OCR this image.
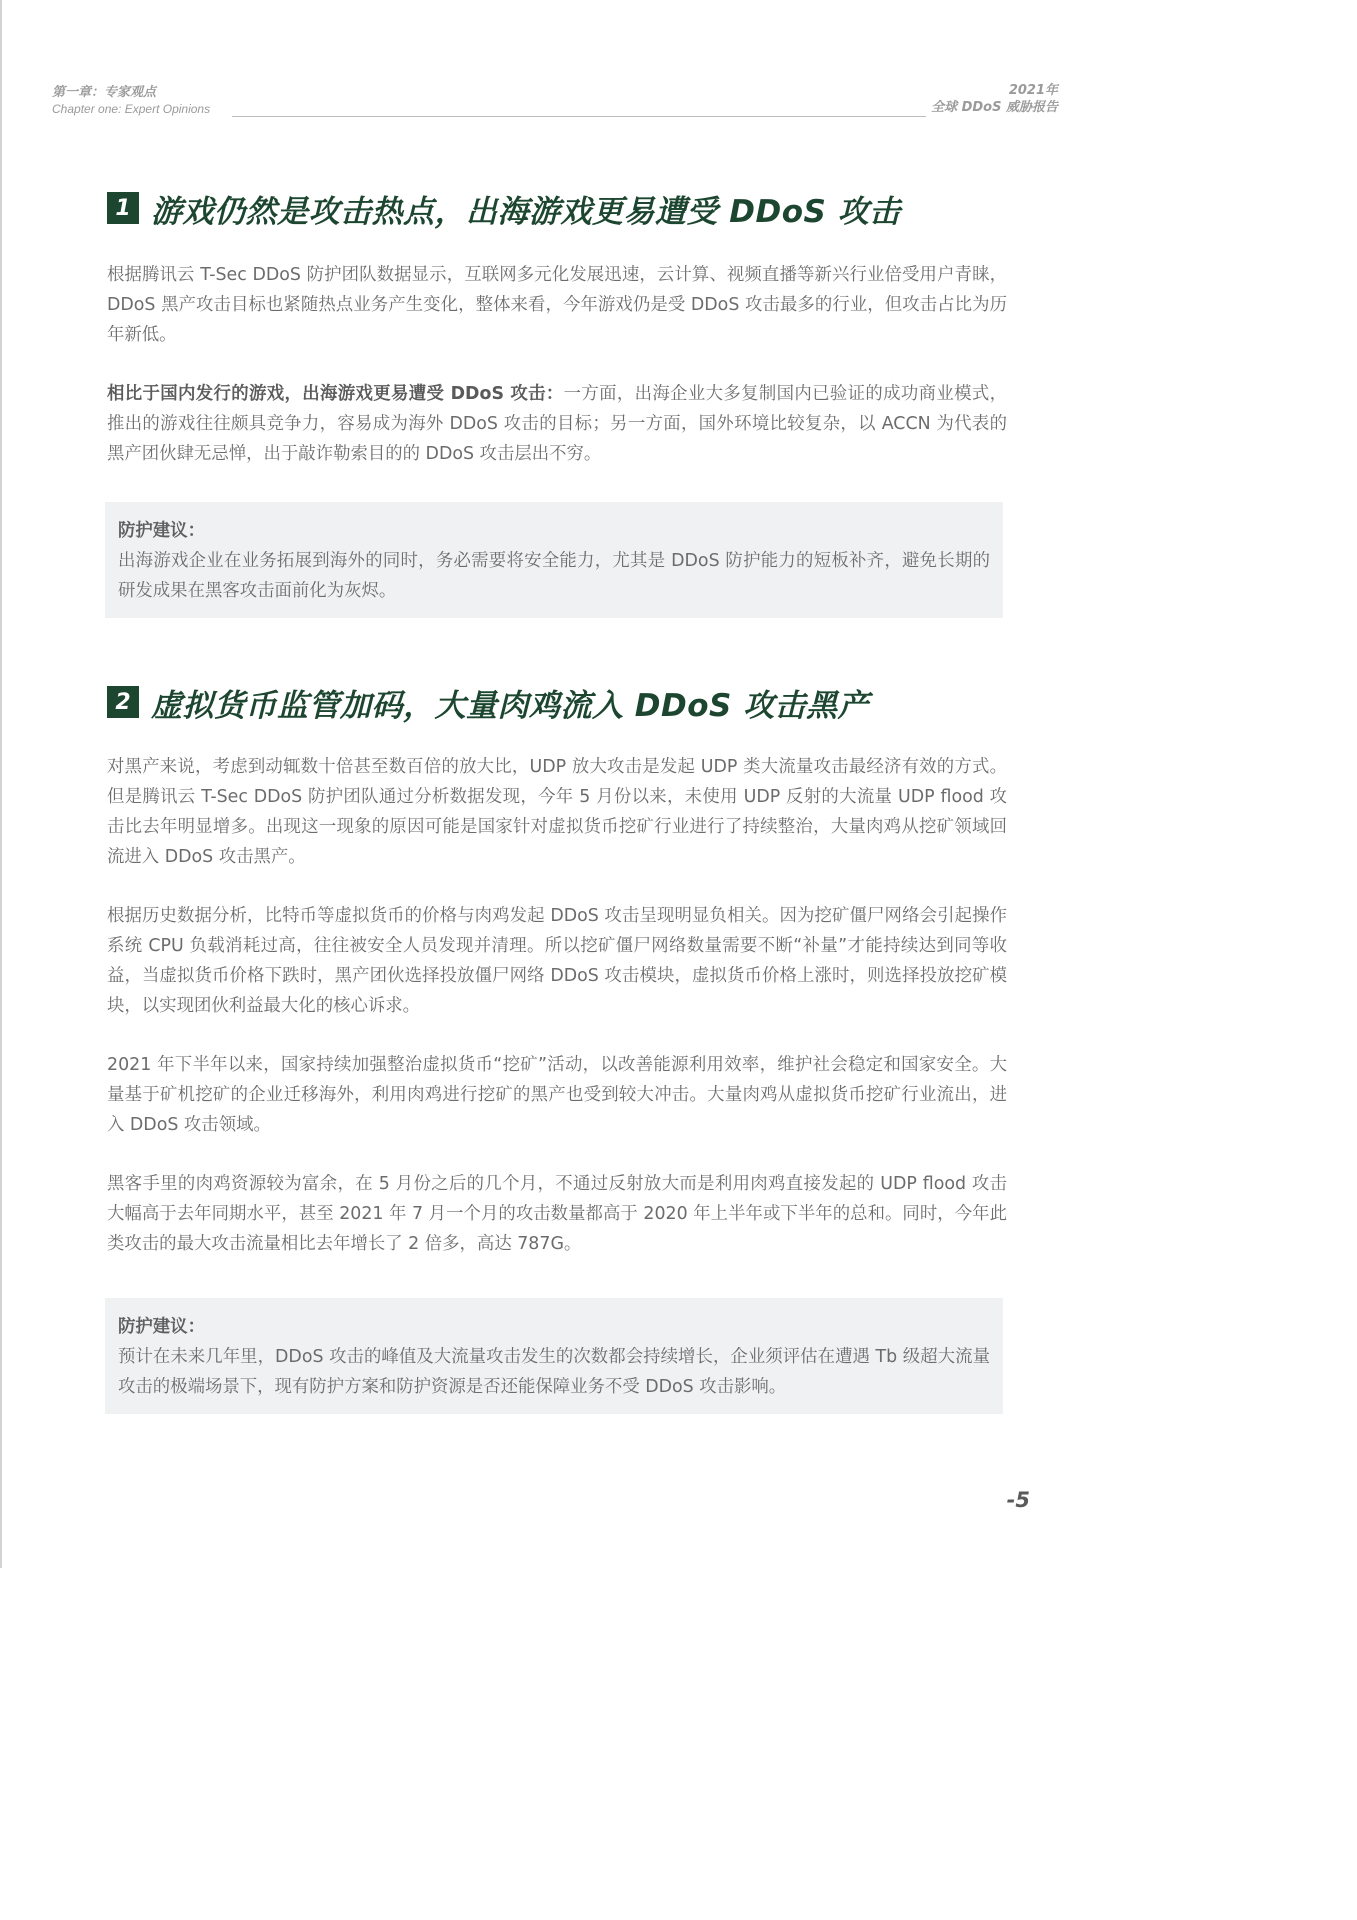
第一章：专家观点
Chapter one: Expert Opinions
2021年
全球 DDoS 威胁报告
1 游戏仍然是攻击热点，出海游戏更易遭受 DDoS 攻击

根据腾讯云 T-Sec DDoS 防护团队数据显示，互联网多元化发展迅速，云计算、视频直播等新兴行业倍受用户青睐，DDoS 黑产攻击目标也紧随热点业务产生变化，整体来看，今年游戏仍是受 DDoS 攻击最多的行业，但攻击占比为历年新低。

相比于国内发行的游戏，出海游戏更易遭受 DDoS 攻击：一方面，出海企业大多复制国内已验证的成功商业模式，推出的游戏往往颇具竞争力，容易成为海外 DDoS 攻击的目标；另一方面，国外环境比较复杂，以 ACCN 为代表的黑产团伙肆无忌惮，出于敲诈勒索目的的 DDoS 攻击层出不穷。

防护建议：
出海游戏企业在业务拓展到海外的同时，务必需要将安全能力，尤其是 DDoS 防护能力的短板补齐，避免长期的研发成果在黑客攻击面前化为灰烬。
2 虚拟货币监管加码，大量肉鸡流入 DDoS 攻击黑产

对黑产来说，考虑到动辄数十倍甚至数百倍的放大比，UDP 放大攻击是发起 UDP 类大流量攻击最经济有效的方式。但是腾讯云 T-Sec DDoS 防护团队通过分析数据发现，今年 5 月份以来，未使用 UDP 反射的大流量 UDP flood 攻击比去年明显增多。出现这一现象的原因可能是国家针对虚拟货币挖矿行业进行了持续整治，大量肉鸡从挖矿领域回流进入 DDoS 攻击黑产。

根据历史数据分析，比特币等虚拟货币的价格与肉鸡发起 DDoS 攻击呈现明显负相关。因为挖矿僵尸网络会引起操作系统 CPU 负载消耗过高，往往被安全人员发现并清理。所以挖矿僵尸网络数量需要不断“补量”才能持续达到同等收益，当虚拟货币价格下跌时，黑产团伙选择投放僵尸网络 DDoS 攻击模块，虚拟货币价格上涨时，则选择投放挖矿模块，以实现团伙利益最大化的核心诉求。

2021 年下半年以来，国家持续加强整治虚拟货币“挖矿”活动，以改善能源利用效率，维护社会稳定和国家安全。大量基于矿机挖矿的企业迁移海外，利用肉鸡进行挖矿的黑产也受到较大冲击。大量肉鸡从虚拟货币挖矿行业流出，进入 DDoS 攻击领域。

黑客手里的肉鸡资源较为富余，在 5 月份之后的几个月，不通过反射放大而是利用肉鸡直接发起的 UDP flood 攻击大幅高于去年同期水平，甚至 2021 年 7 月一个月的攻击数量都高于 2020 年上半年或下半年的总和。同时，今年此类攻击的最大攻击流量相比去年增长了 2 倍多，高达 787G。

防护建议：
预计在未来几年里，DDoS 攻击的峰值及大流量攻击发生的次数都会持续增长，企业须评估在遭遇 Tb 级超大流量攻击的极端场景下，现有防护方案和防护资源是否还能保障业务不受 DDoS 攻击影响。
-5
